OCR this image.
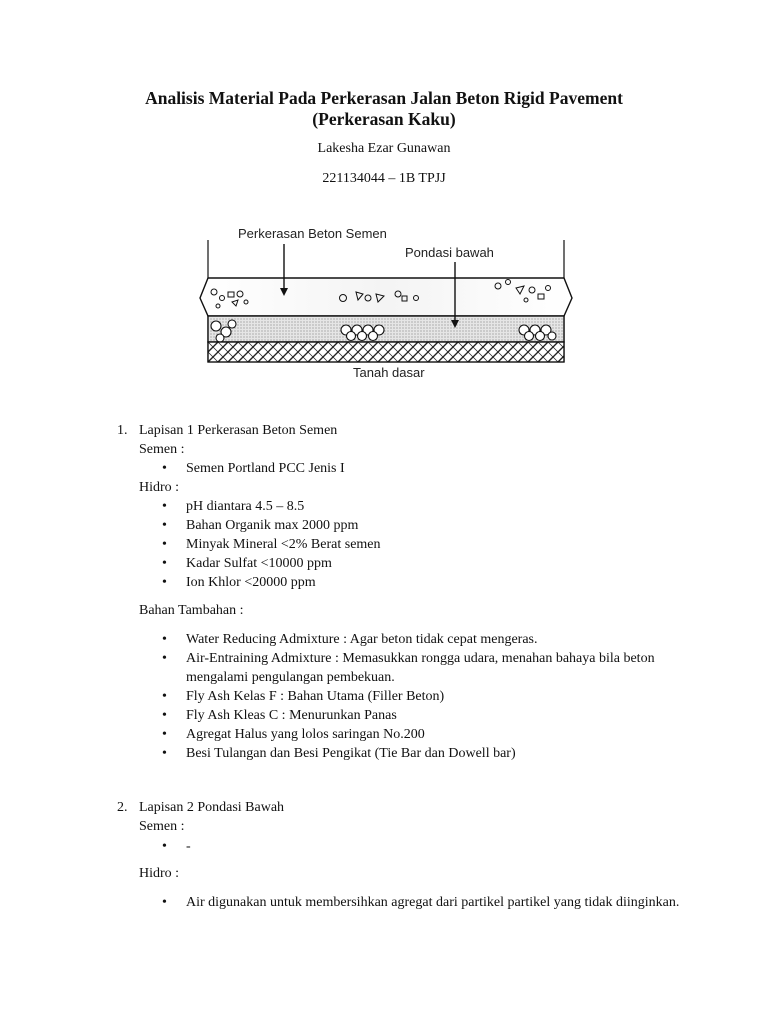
Analisis Material Pada Perkerasan Jalan Beton Rigid Pavement
(Perkerasan Kaku)
Lakesha Ezar Gunawan
221134044 – 1B TPJJ
Perkerasan Beton Semen
Pondasi bawah
Tanah dasar
1. Lapisan 1 Perkerasan Beton Semen
Semen :
• Semen Portland PCC Jenis I
Hidro :
• pH diantara 4.5 – 8.5
• Bahan Organik max 2000 ppm
• Minyak Mineral <2% Berat semen
• Kadar Sulfat <10000 ppm
• Ion Khlor <20000 ppm
Bahan Tambahan :
• Water Reducing Admixture : Agar beton tidak cepat mengeras.
• Air-Entraining Admixture : Memasukkan rongga udara, menahan bahaya bila beton mengalami pengulangan pembekuan.
• Fly Ash Kelas F : Bahan Utama (Filler Beton)
• Fly Ash Kleas C : Menurunkan Panas
• Agregat Halus yang lolos saringan No.200
• Besi Tulangan dan Besi Pengikat (Tie Bar dan Dowell bar)
2. Lapisan 2 Pondasi Bawah
Semen :
• -
Hidro :
• Air digunakan untuk membersihkan agregat dari partikel partikel yang tidak diinginkan.
